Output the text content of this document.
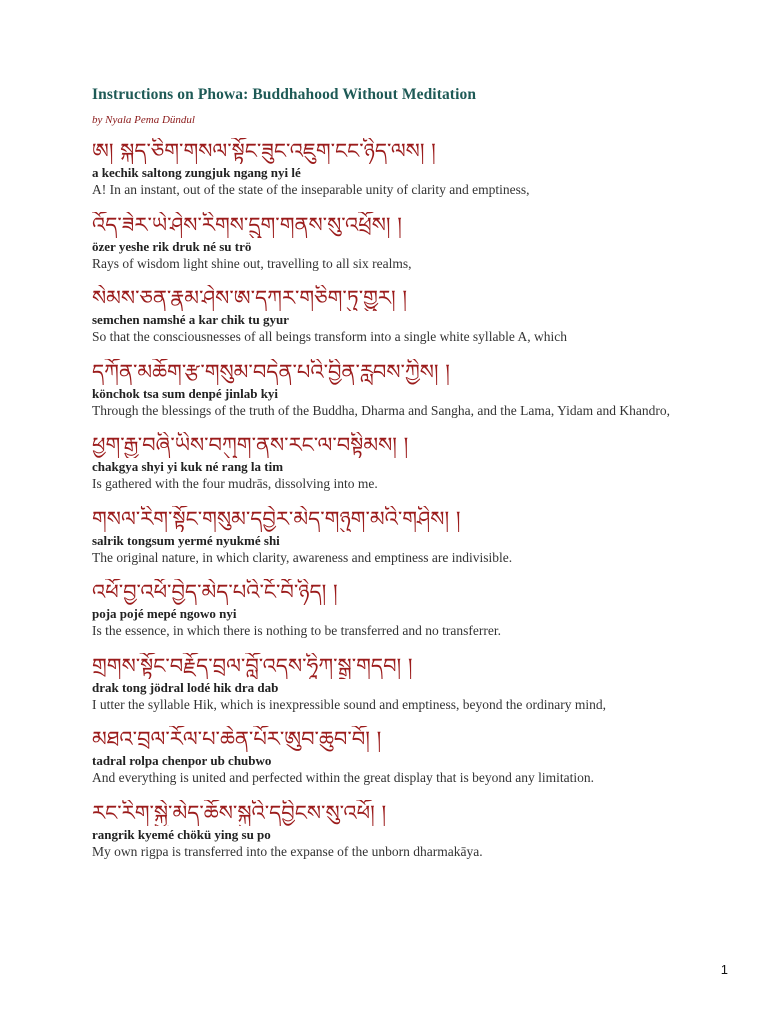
Instructions on Phowa: Buddhahood Without Meditation
by Nyala Pema Dündul
ཨ། སྐད་ཅིག་གསལ་སྟོང་ཟུང་འཇུག་ངང་ཉིད་ལས། །
a kechik saltong zungjuk ngang nyi lé
A! In an instant, out of the state of the inseparable unity of clarity and emptiness,
འོད་ཟེར་ཡེ་ཤེས་རིགས་དྲུག་གནས་སུ་འཕྲོས། །
özer yeshe rik druk né su trö
Rays of wisdom light shine out, travelling to all six realms,
སེམས་ཅན་རྣམ་ཤེས་ཨ་དཀར་གཅིག་ཏུ་གྱུར། །
semchen namshé a kar chik tu gyur
So that the consciousnesses of all beings transform into a single white syllable A, which
དཀོན་མཆོག་རྩ་གསུམ་བདེན་པའི་བྱིན་རླབས་ཀྱིས། །
könchok tsa sum denpé jinlab kyi
Through the blessings of the truth of the Buddha, Dharma and Sangha, and the Lama, Yidam and Khandro,
ཕྱག་རྒྱ་བཞི་ཡིས་བཀུག་ནས་རང་ལ་བསྟིམས། །
chakgya shyi yi kuk né rang la tim
Is gathered with the four mudrās, dissolving into me.
གསལ་རིག་སྟོང་གསུམ་དབྱེར་མེད་གཉུག་མའི་གཤིས། །
salrik tongsum yermé nyukmé shi
The original nature, in which clarity, awareness and emptiness are indivisible.
འཕོ་བྱ་འཕོ་བྱེད་མེད་པའི་ངོ་བོ་ཉིད། །
poja pojé mepé ngowo nyi
Is the essence, in which there is nothing to be transferred and no transferrer.
གྲགས་སྟོང་བརྗོད་བྲལ་བློ་འདས་ཧཱིཀ་སྒྲ་གདབ། །
drak tong jödral lodé hik dra dab
I utter the syllable Hik, which is inexpressible sound and emptiness, beyond the ordinary mind,
མཐའ་བྲལ་རོལ་པ་ཆེན་པོར་ཨུབ་ཆུབ་བོ། །
tadral rolpa chenpor ub chubwo
And everything is united and perfected within the great display that is beyond any limitation.
རང་རིག་སྐྱེ་མེད་ཆོས་སྐུའི་དབྱིངས་སུ་འཕོ། །
rangrik kyemé chökü ying su po
My own rigpa is transferred into the expanse of the unborn dharmakāya.
1
